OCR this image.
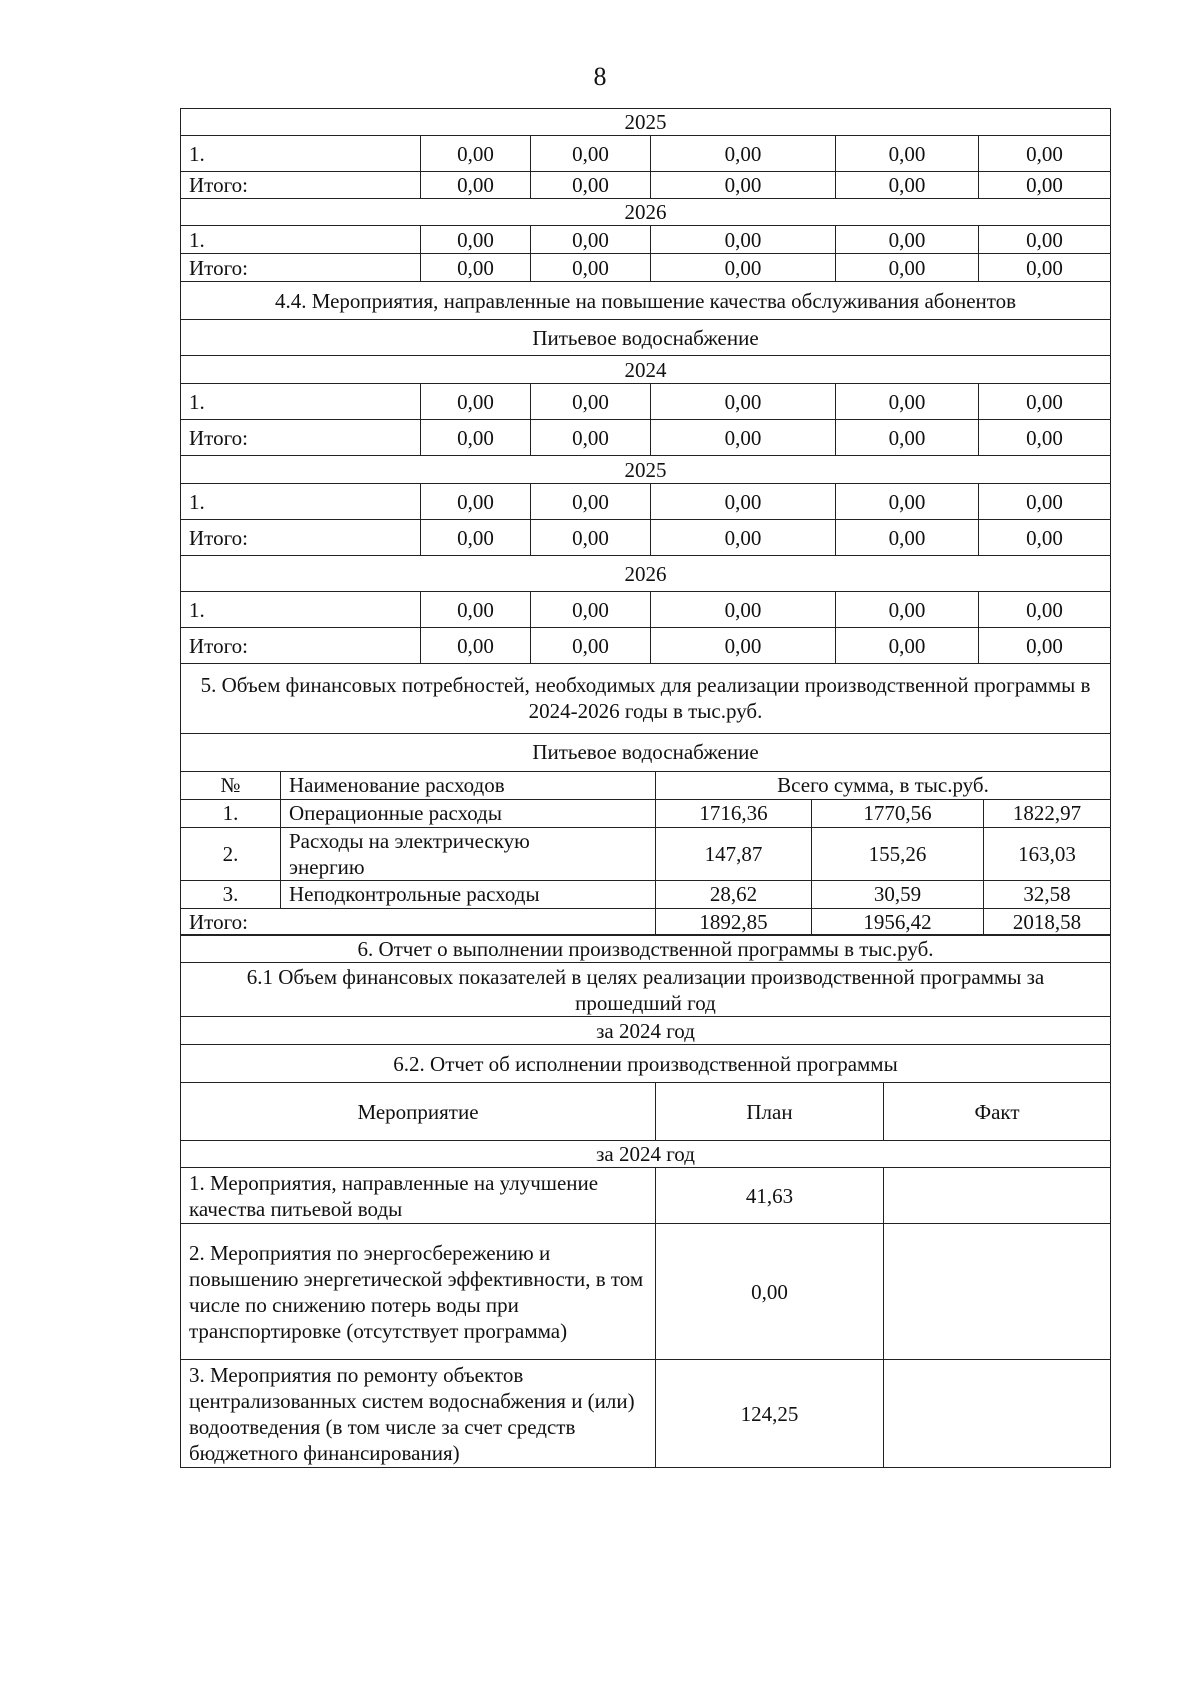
8
2025					
1.	0,00	0,00	0,00	0,00	0,00
Итого:	0,00	0,00	0,00	0,00	0,00
2026					
1.	0,00	0,00	0,00	0,00	0,00
Итого:	0,00	0,00	0,00	0,00	0,00
4.4. Мероприятия, направленные на повышение качества обслуживания абонентов					
Питьевое водоснабжение					
2024					
1.	0,00	0,00	0,00	0,00	0,00
Итого:	0,00	0,00	0,00	0,00	0,00
2025					
1.	0,00	0,00	0,00	0,00	0,00
Итого:	0,00	0,00	0,00	0,00	0,00
2026					
1.	0,00	0,00	0,00	0,00	0,00
Итого:	0,00	0,00	0,00	0,00	0,00
5. Объем финансовых потребностей, необходимых для реализации производственной программы в 2024-2026 годы в тыс.руб.				
Питьевое водоснабжение				
№	Наименование расходов	Всего сумма, в тыс.руб.		
1.	Операционные расходы	1716,36	1770,56	1822,97
2.	Расходы на электрическую энергию	147,87	155,26	163,03
3.	Неподконтрольные расходы	28,62	30,59	32,58
Итого:		1892,85	1956,42	2018,58
6. Отчет о выполнении производственной программы в тыс.руб.		
6.1 Объем финансовых показателей в целях реализации производственной программы за прошедший год		
за 2024 год		
6.2. Отчет об исполнении производственной программы		
Мероприятие	План	Факт
за 2024 год		
1. Мероприятия, направленные на улучшение качества питьевой воды	41,63	
2. Мероприятия по энергосбережению и повышению энергетической эффективности, в том числе по снижению потерь воды при транспортировке (отсутствует программа)	0,00	
3. Мероприятия по ремонту объектов централизованных систем водоснабжения и (или) водоотведения (в том числе за счет средств бюджетного финансирования)	124,25	
